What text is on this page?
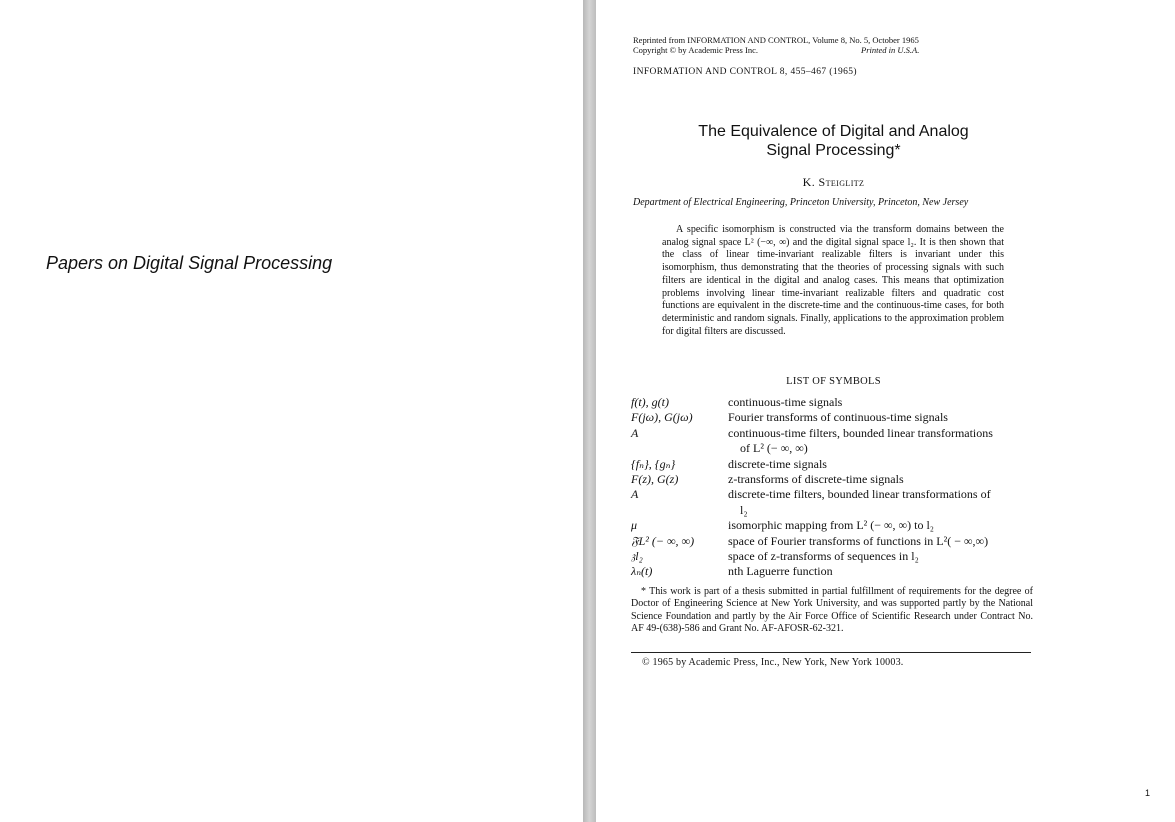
Papers on Digital Signal Processing
Reprinted from INFORMATION AND CONTROL, Volume 8, No. 5, October 1965
Copyright © by Academic Press Inc.	Printed in U.S.A.
INFORMATION AND CONTROL 8, 455–467 (1965)
The Equivalence of Digital and Analog
Signal Processing*
K. Steiglitz
Department of Electrical Engineering, Princeton University, Princeton, New Jersey

A specific isomorphism is constructed via the transform domains between the analog signal space L² (−∞, ∞) and the digital signal space l₂. It is then shown that the class of linear time-invariant realizable filters is invariant under this isomorphism, thus demonstrating that the theories of processing signals with such filters are identical in the digital and analog cases. This means that optimization problems involving linear time-invariant realizable filters and quadratic cost functions are equivalent in the discrete-time and the continuous-time cases, for both deterministic and random signals. Finally, applications to the approximation problem for digital filters are discussed.

LIST OF SYMBOLS
f(t), g(t)	continuous-time signals
F(jω), G(jω)	Fourier transforms of continuous-time signals
A	continuous-time filters, bounded linear transformations
of L² (− ∞, ∞)
{fₙ}, {gₙ}	discrete-time signals
F(z), G(z)	z-transforms of discrete-time signals
A	discrete-time filters, bounded linear transformations of
l₂
μ	isomorphic mapping from L² (− ∞, ∞) to l₂
𝔉L² (− ∞, ∞)	space of Fourier transforms of functions in L²( − ∞,∞)
𝔷l₂	space of z-transforms of sequences in l₂
λₙ(t)	nth Laguerre function

* This work is part of a thesis submitted in partial fulfillment of requirements for the degree of Doctor of Engineering Science at New York University, and was supported partly by the National Science Foundation and partly by the Air Force Office of Scientific Research under Contract No. AF 49-(638)-586 and Grant No. AF-AFOSR-62-321.

© 1965 by Academic Press, Inc., New York, New York 10003.
1
